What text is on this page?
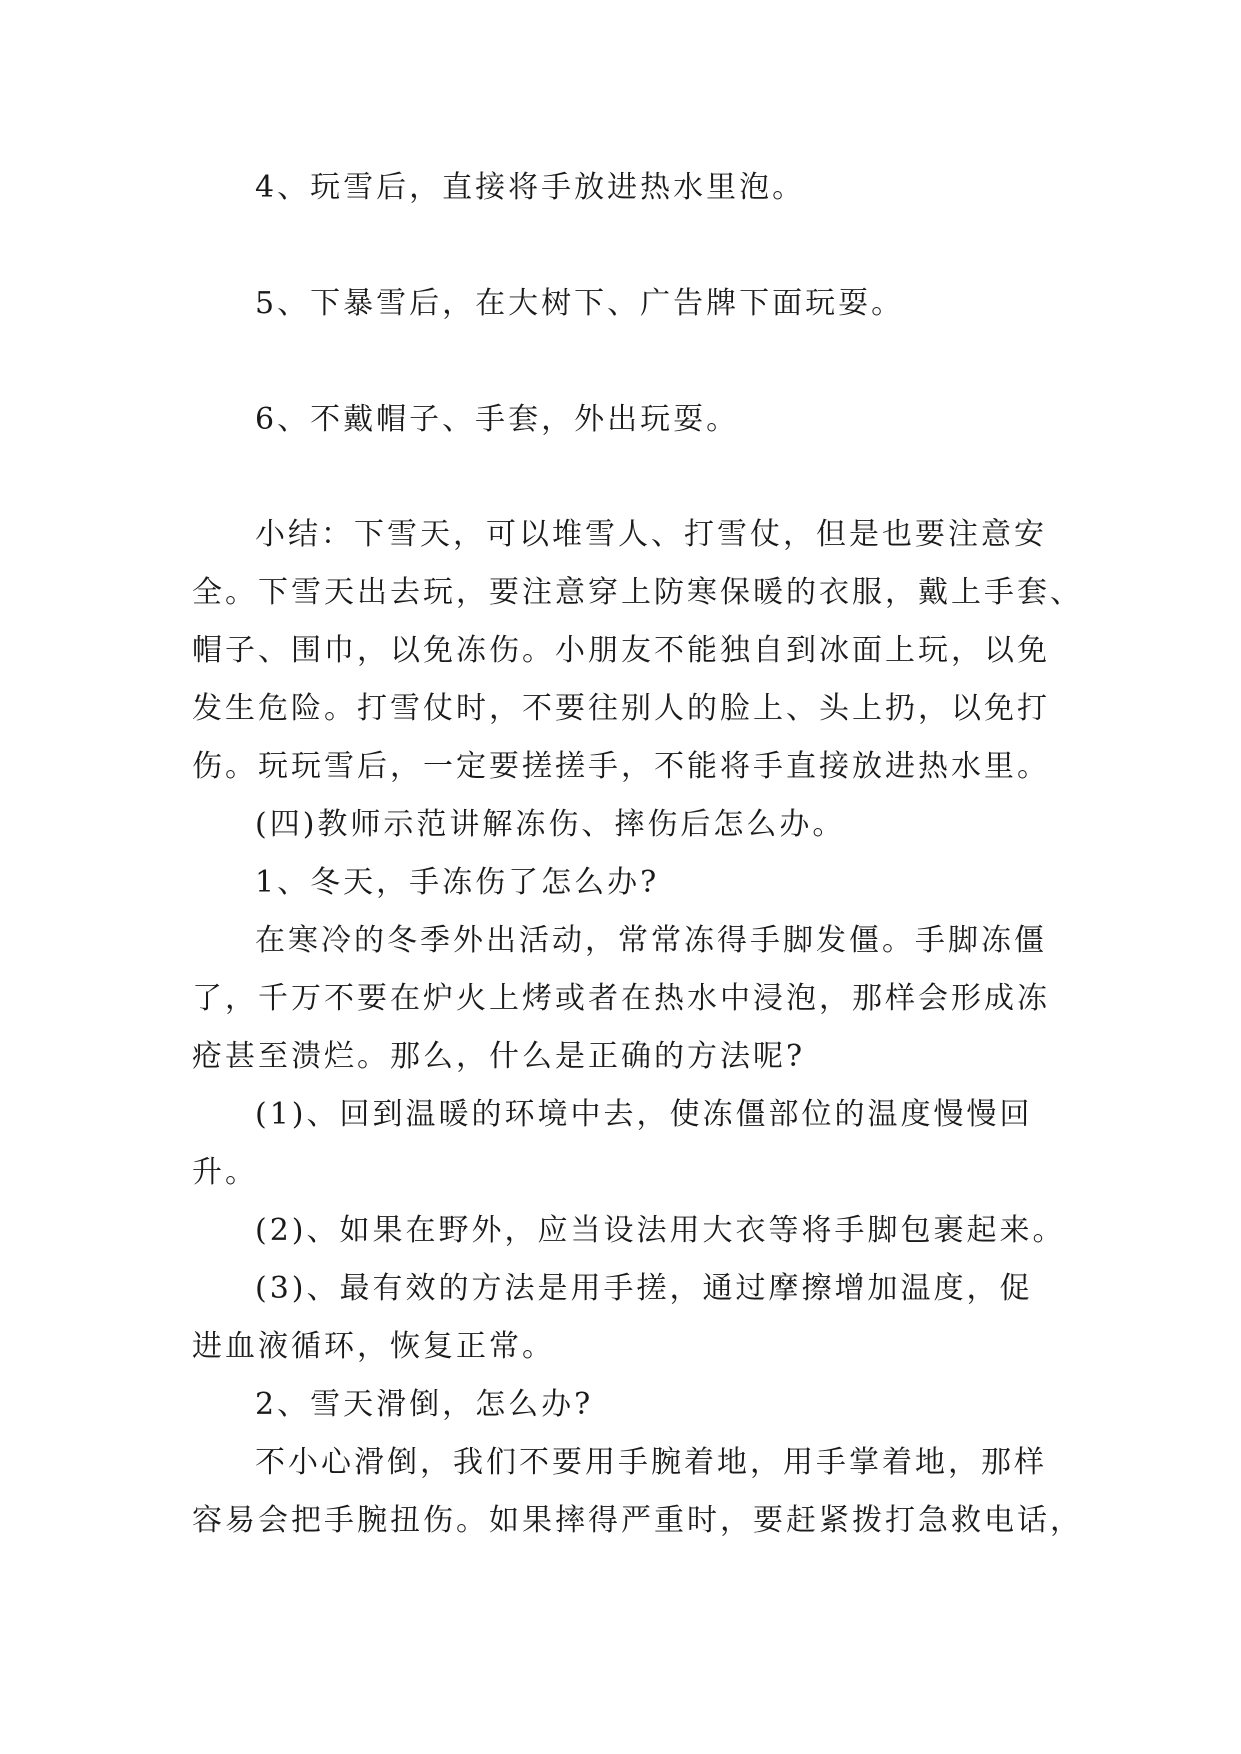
4、玩雪后，直接将手放进热水里泡。
5、下暴雪后，在大树下、广告牌下面玩耍。
6、不戴帽子、手套，外出玩耍。
小结：下雪天，可以堆雪人、打雪仗，但是也要注意安
全。下雪天出去玩，要注意穿上防寒保暖的衣服，戴上手套、
帽子、围巾，以免冻伤。小朋友不能独自到冰面上玩，以免
发生危险。打雪仗时，不要往别人的脸上、头上扔，以免打
伤。玩玩雪后，一定要搓搓手，不能将手直接放进热水里。
(四)教师示范讲解冻伤、摔伤后怎么办。
1、冬天，手冻伤了怎么办?
在寒冷的冬季外出活动，常常冻得手脚发僵。手脚冻僵
了，千万不要在炉火上烤或者在热水中浸泡，那样会形成冻
疮甚至溃烂。那么，什么是正确的方法呢?
(1)、回到温暖的环境中去，使冻僵部位的温度慢慢回
升。
(2)、如果在野外，应当设法用大衣等将手脚包裹起来。
(3)、最有效的方法是用手搓，通过摩擦增加温度，促
进血液循环，恢复正常。
2、雪天滑倒，怎么办?
不小心滑倒，我们不要用手腕着地，用手掌着地，那样
容易会把手腕扭伤。如果摔得严重时，要赶紧拨打急救电话，
